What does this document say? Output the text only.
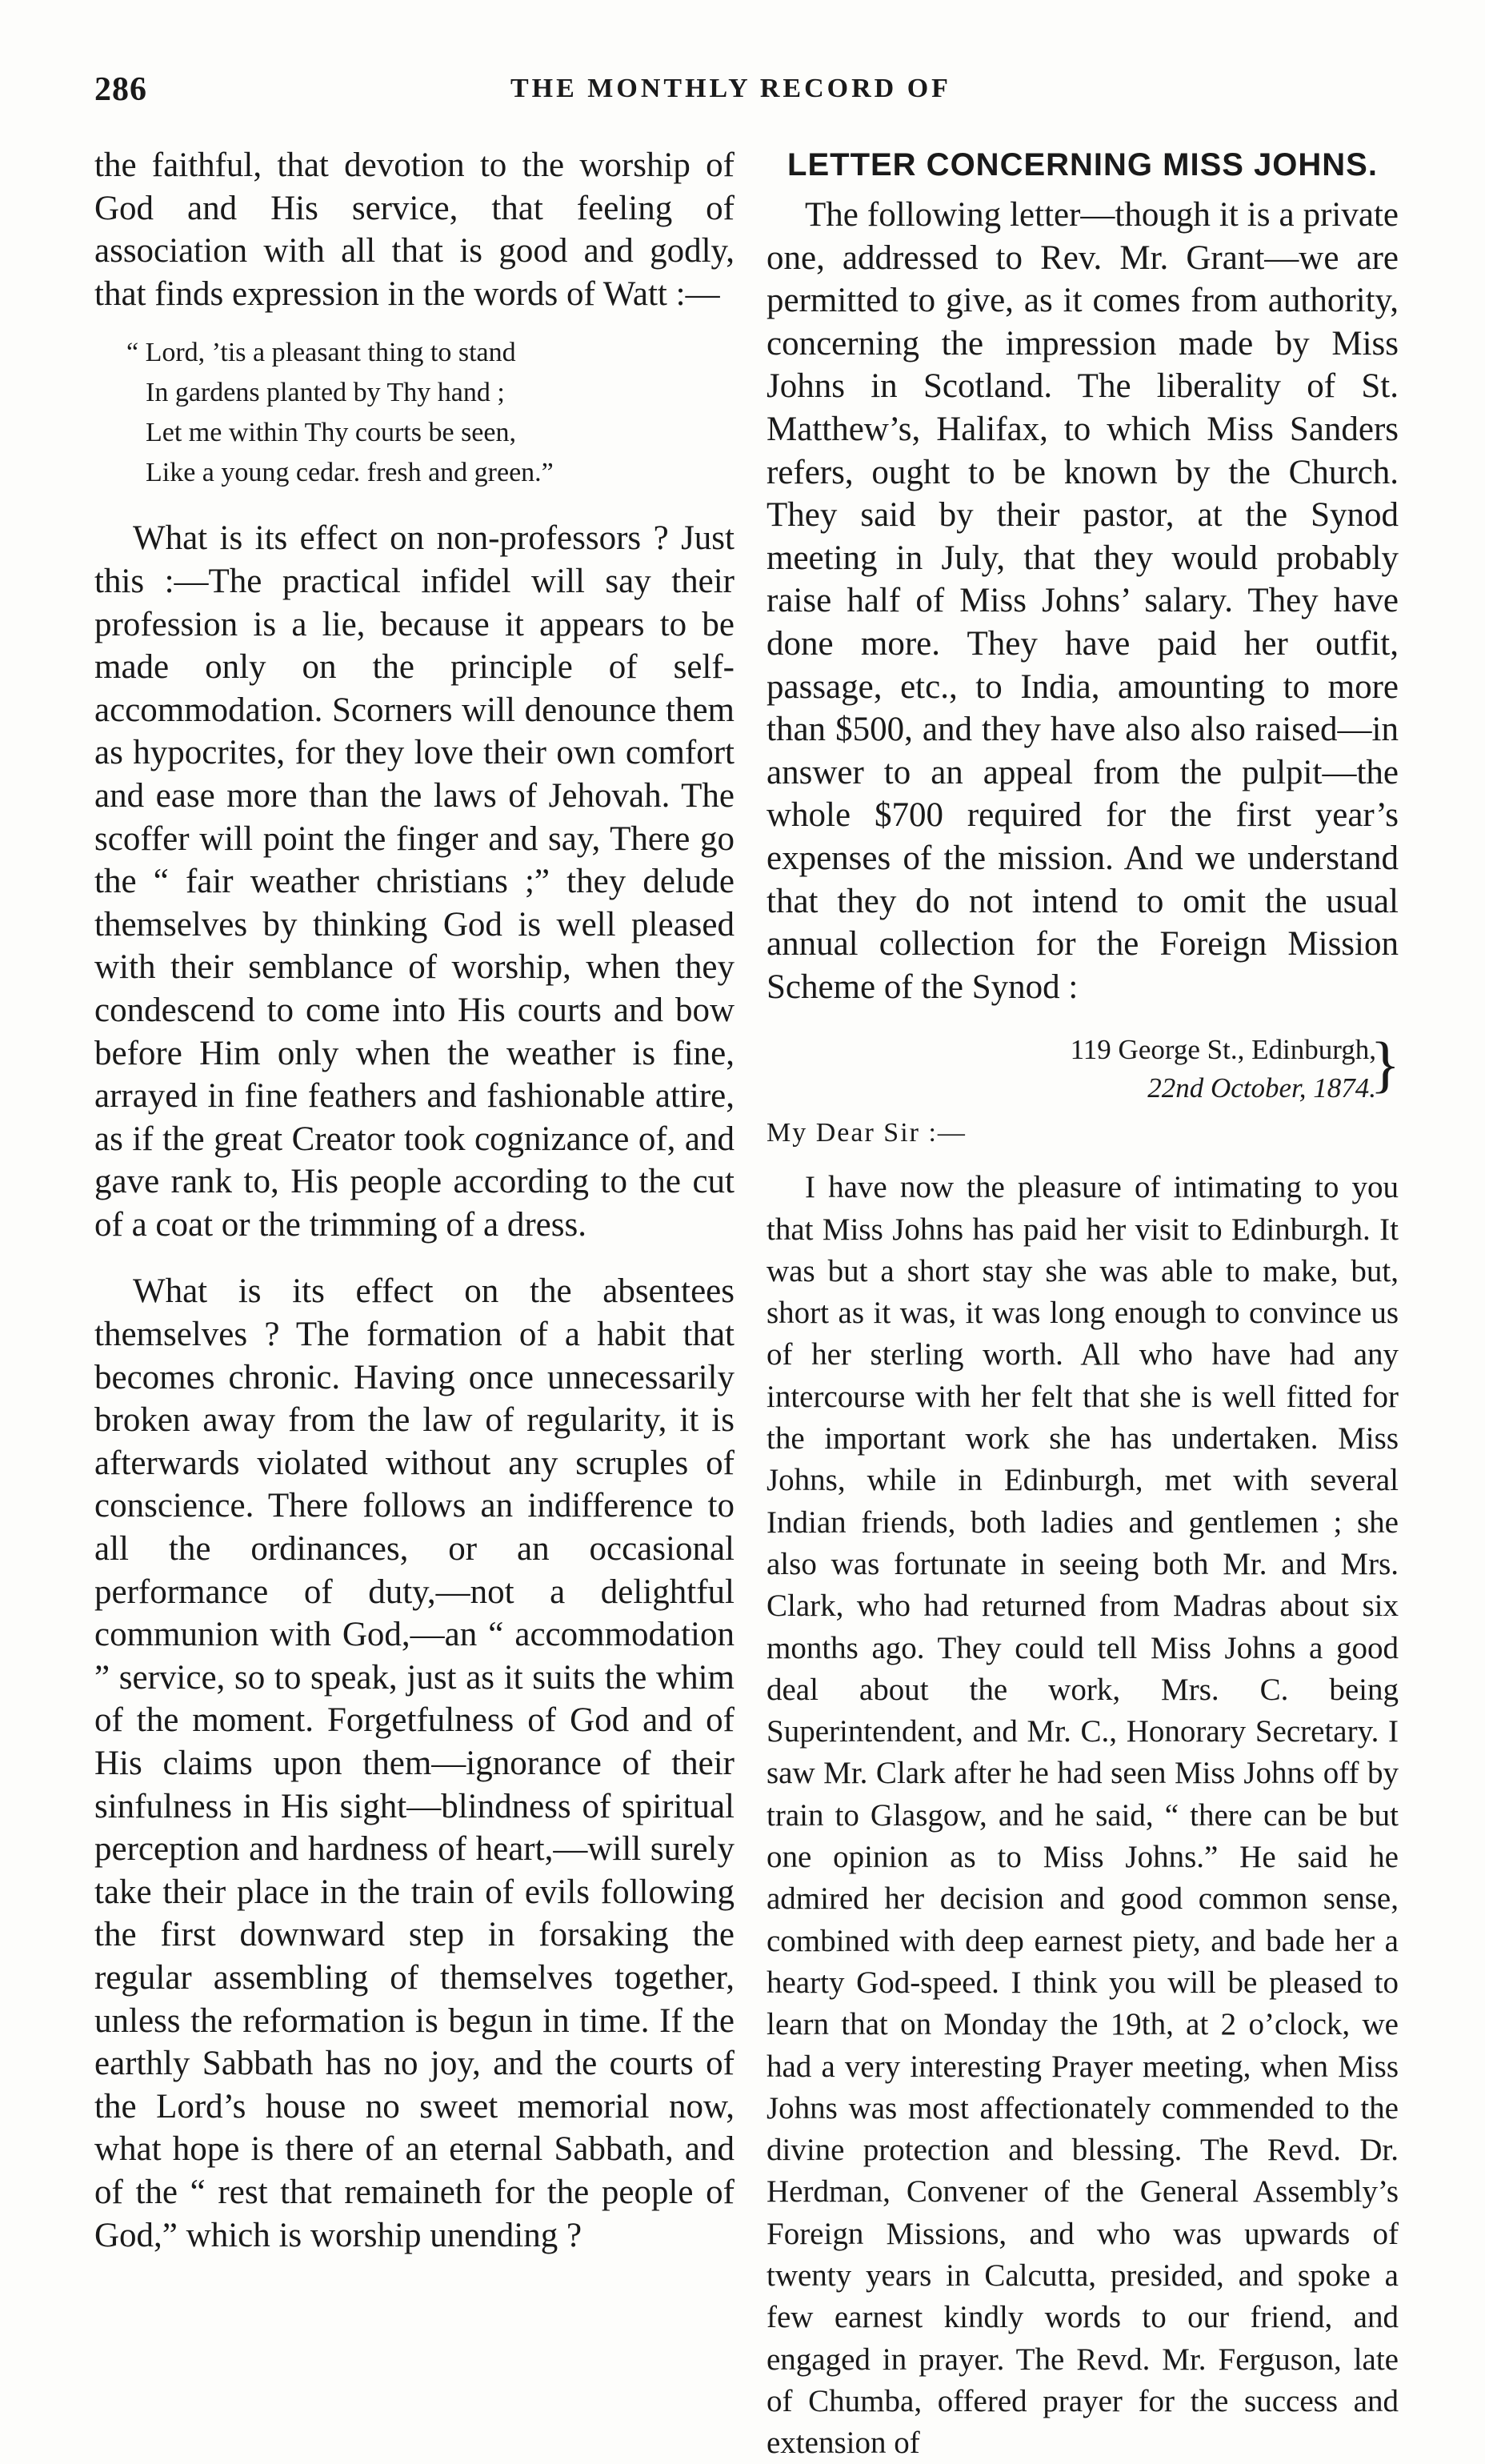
286	THE MONTHLY RECORD OF

the faithful, that devotion to the worship of God and His service, that feeling of association with all that is good and godly, that finds expression in the words of Watt :—

“ Lord, ’tis a pleasant thing to stand
In gardens planted by Thy hand ;
Let me within Thy courts be seen,
Like a young cedar. fresh and green.”

What is its effect on non-professors ? Just this :—The practical infidel will say their profession is a lie, because it appears to be made only on the principle of self-accommodation. Scorners will denounce them as hypocrites, for they love their own comfort and ease more than the laws of Jehovah. The scoffer will point the finger and say, There go the “ fair weather christians ;” they delude themselves by thinking God is well pleased with their semblance of worship, when they condescend to come into His courts and bow before Him only when the weather is fine, arrayed in fine feathers and fashionable attire, as if the great Creator took cognizance of, and gave rank to, His people according to the cut of a coat or the trimming of a dress.

What is its effect on the absentees themselves ? The formation of a habit that becomes chronic. Having once unnecessarily broken away from the law of regularity, it is afterwards violated without any scruples of conscience. There follows an indifference to all the ordinances, or an occasional performance of duty,—not a delightful communion with God,—an “ accommodation ” service, so to speak, just as it suits the whim of the moment. Forgetfulness of God and of His claims upon them—ignorance of their sinfulness in His sight—blindness of spiritual perception and hardness of heart,—will surely take their place in the train of evils following the first downward step in forsaking the regular assembling of themselves together, unless the reformation is begun in time. If the earthly Sabbath has no joy, and the courts of the Lord’s house no sweet memorial now, what hope is there of an eternal Sabbath, and of the “ rest that remaineth for the people of God,” which is worship unending ?

LETTER CONCERNING MISS JOHNS.

The following letter—though it is a private one, addressed to Rev. Mr. Grant—we are permitted to give, as it comes from authority, concerning the impression made by Miss Johns in Scotland. The liberality of St. Matthew’s, Halifax, to which Miss Sanders refers, ought to be known by the Church. They said by their pastor, at the Synod meeting in July, that they would probably raise half of Miss Johns’ salary. They have done more. They have paid her outfit, passage, etc., to India, amounting to more than $500, and they have also also raised—in answer to an appeal from the pulpit—the whole $700 required for the first year’s expenses of the mission. And we understand that they do not intend to omit the usual annual collection for the Foreign Mission Scheme of the Synod :

119 George St., Edinburgh,
22nd October, 1874.
}

My Dear Sir :—

I have now the pleasure of intimating to you that Miss Johns has paid her visit to Edinburgh. It was but a short stay she was able to make, but, short as it was, it was long enough to convince us of her sterling worth. All who have had any intercourse with her felt that she is well fitted for the important work she has undertaken. Miss Johns, while in Edinburgh, met with several Indian friends, both ladies and gentlemen ; she also was fortunate in seeing both Mr. and Mrs. Clark, who had returned from Madras about six months ago. They could tell Miss Johns a good deal about the work, Mrs. C. being Superintendent, and Mr. C., Honorary Secretary. I saw Mr. Clark after he had seen Miss Johns off by train to Glasgow, and he said, “ there can be but one opinion as to Miss Johns.” He said he admired her decision and good common sense, combined with deep earnest piety, and bade her a hearty God-speed. I think you will be pleased to learn that on Monday the 19th, at 2 o’clock, we had a very interesting Prayer meeting, when Miss Johns was most affectionately commended to the divine protection and blessing. The Revd. Dr. Herdman, Convener of the General Assembly’s Foreign Missions, and who was upwards of twenty years in Calcutta, presided, and spoke a few earnest kindly words to our friend, and engaged in prayer. The Revd. Mr. Ferguson, late of Chumba, offered prayer for the success and extension of
